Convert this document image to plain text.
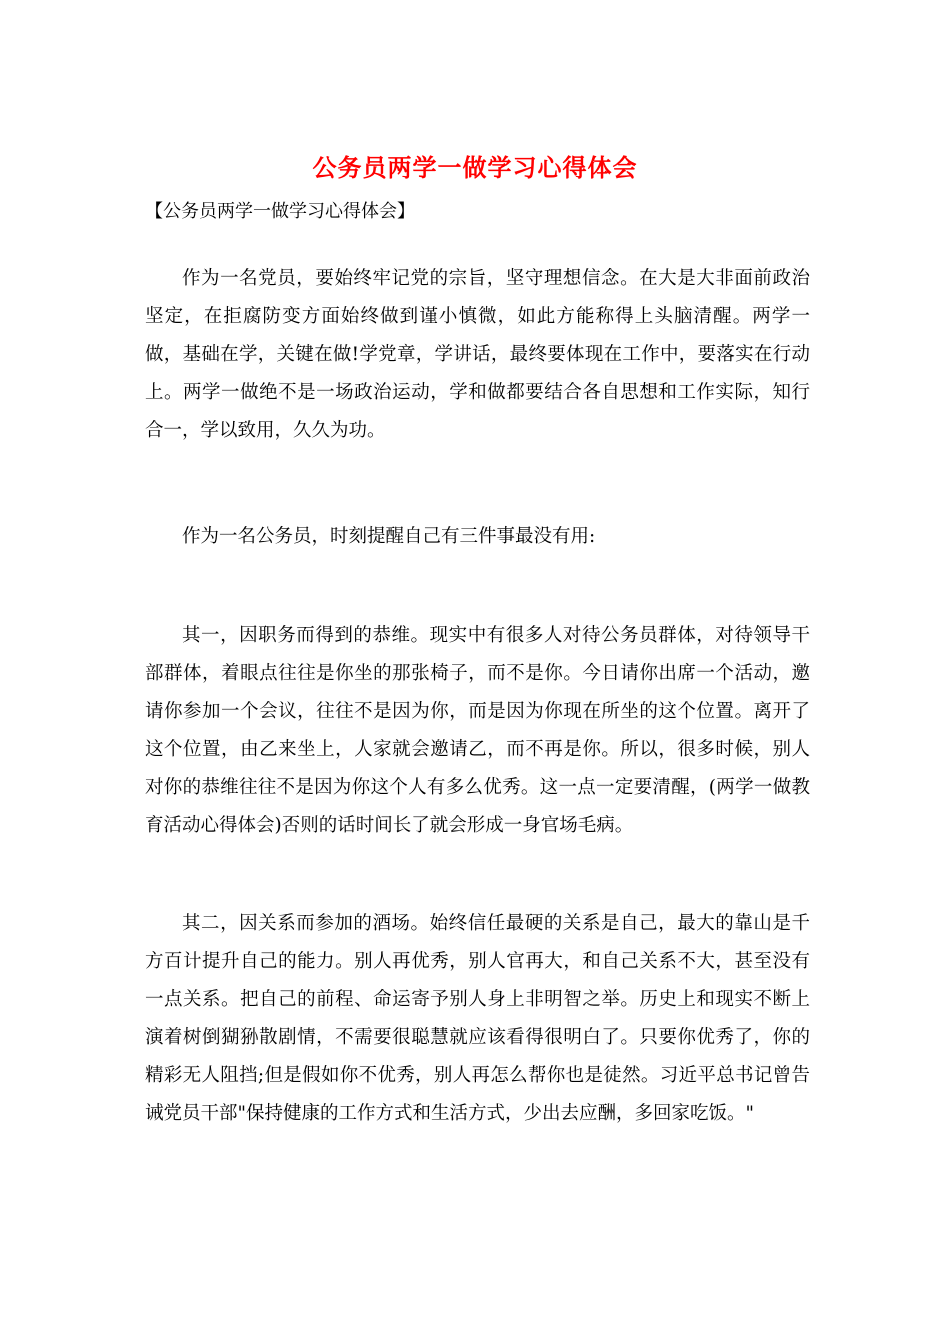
公务员两学一做学习心得体会
【公务员两学一做学习心得体会】

作为一名党员，要始终牢记党的宗旨，坚守理想信念。在大是大非面前政治坚定，在拒腐防变方面始终做到谨小慎微，如此方能称得上头脑清醒。两学一做，基础在学，关键在做!学党章，学讲话，最终要体现在工作中，要落实在行动上。两学一做绝不是一场政治运动，学和做都要结合各自思想和工作实际，知行合一，学以致用，久久为功。

作为一名公务员，时刻提醒自己有三件事最没有用:

其一，因职务而得到的恭维。现实中有很多人对待公务员群体，对待领导干部群体，着眼点往往是你坐的那张椅子，而不是你。今日请你出席一个活动，邀请你参加一个会议，往往不是因为你，而是因为你现在所坐的这个位置。离开了这个位置，由乙来坐上，人家就会邀请乙，而不再是你。所以，很多时候，别人对你的恭维往往不是因为你这个人有多么优秀。这一点一定要清醒，(两学一做教育活动心得体会)否则的话时间长了就会形成一身官场毛病。

其二，因关系而参加的酒场。始终信任最硬的关系是自己，最大的靠山是千方百计提升自己的能力。别人再优秀，别人官再大，和自己关系不大，甚至没有一点关系。把自己的前程、命运寄予别人身上非明智之举。历史上和现实不断上演着树倒猢狲散剧情，不需要很聪慧就应该看得很明白了。只要你优秀了，你的精彩无人阻挡;但是假如你不优秀，别人再怎么帮你也是徒然。习近平总书记曾告诫党员干部"保持健康的工作方式和生活方式，少出去应酬，多回家吃饭。"
